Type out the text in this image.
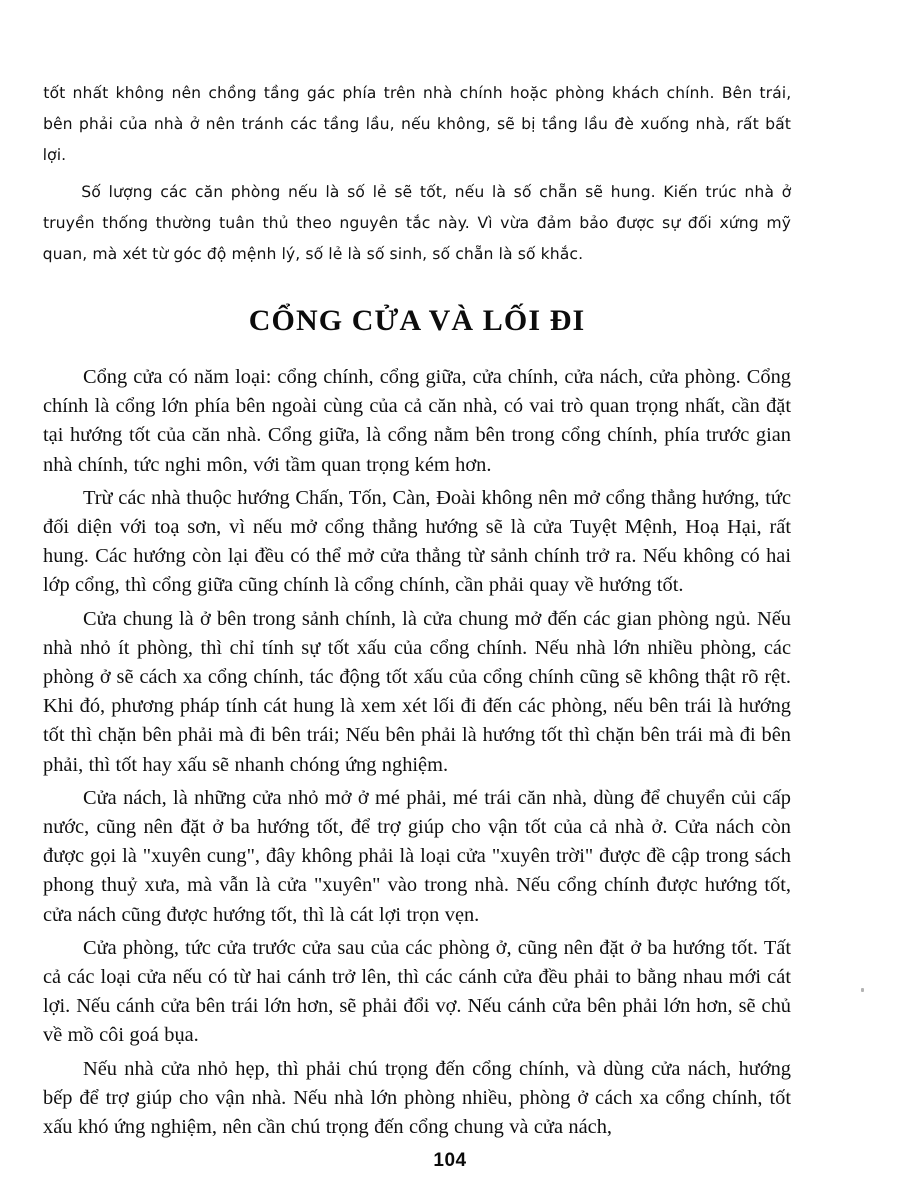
tốt nhất không nên chồng tầng gác phía trên nhà chính hoặc phòng khách chính. Bên trái, bên phải của nhà ở nên tránh các tầng lầu, nếu không, sẽ bị tầng lầu đè xuống nhà, rất bất lợi.

Số lượng các căn phòng nếu là số lẻ sẽ tốt, nếu là số chẵn sẽ hung. Kiến trúc nhà ở truyền thống thường tuân thủ theo nguyên tắc này. Vì vừa đảm bảo được sự đối xứng mỹ quan, mà xét từ góc độ mệnh lý, số lẻ là số sinh, số chẵn là số khắc.

CỔNG CỬA VÀ LỐI ĐI

Cổng cửa có năm loại: cổng chính, cổng giữa, cửa chính, cửa nách, cửa phòng. Cổng chính là cổng lớn phía bên ngoài cùng của cả căn nhà, có vai trò quan trọng nhất, cần đặt tại hướng tốt của căn nhà. Cổng giữa, là cổng nằm bên trong cổng chính, phía trước gian nhà chính, tức nghi môn, với tầm quan trọng kém hơn.

Trừ các nhà thuộc hướng Chấn, Tốn, Càn, Đoài không nên mở cổng thẳng hướng, tức đối diện với toạ sơn, vì nếu mở cổng thẳng hướng sẽ là cửa Tuyệt Mệnh, Hoạ Hại, rất hung. Các hướng còn lại đều có thể mở cửa thẳng từ sảnh chính trở ra. Nếu không có hai lớp cổng, thì cổng giữa cũng chính là cổng chính, cần phải quay về hướng tốt.

Cửa chung là ở bên trong sảnh chính, là cửa chung mở đến các gian phòng ngủ. Nếu nhà nhỏ ít phòng, thì chỉ tính sự tốt xấu của cổng chính. Nếu nhà lớn nhiều phòng, các phòng ở sẽ cách xa cổng chính, tác động tốt xấu của cổng chính cũng sẽ không thật rõ rệt. Khi đó, phương pháp tính cát hung là xem xét lối đi đến các phòng, nếu bên trái là hướng tốt thì chặn bên phải mà đi bên trái; Nếu bên phải là hướng tốt thì chặn bên trái mà đi bên phải, thì tốt hay xấu sẽ nhanh chóng ứng nghiệm.

Cửa nách, là những cửa nhỏ mở ở mé phải, mé trái căn nhà, dùng để chuyển củi cấp nước, cũng nên đặt ở ba hướng tốt, để trợ giúp cho vận tốt của cả nhà ở. Cửa nách còn được gọi là "xuyên cung", đây không phải là loại cửa "xuyên trời" được đề cập trong sách phong thuỷ xưa, mà vẫn là cửa "xuyên" vào trong nhà. Nếu cổng chính được hướng tốt, cửa nách cũng được hướng tốt, thì là cát lợi trọn vẹn.

Cửa phòng, tức cửa trước cửa sau của các phòng ở, cũng nên đặt ở ba hướng tốt. Tất cả các loại cửa nếu có từ hai cánh trở lên, thì các cánh cửa đều phải to bằng nhau mới cát lợi. Nếu cánh cửa bên trái lớn hơn, sẽ phải đổi vợ. Nếu cánh cửa bên phải lớn hơn, sẽ chủ về mồ côi goá bụa.

Nếu nhà cửa nhỏ hẹp, thì phải chú trọng đến cổng chính, và dùng cửa nách, hướng bếp để trợ giúp cho vận nhà. Nếu nhà lớn phòng nhiều, phòng ở cách xa cổng chính, tốt xấu khó ứng nghiệm, nên cần chú trọng đến cổng chung và cửa nách,

104
